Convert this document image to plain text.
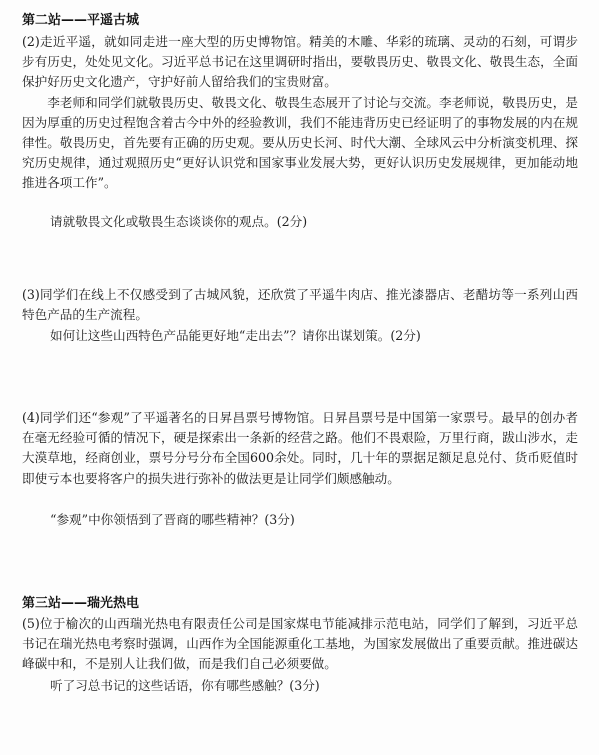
第二站——平遥古城

(2)走近平遥，就如同走进一座大型的历史博物馆。精美的木雕、华彩的琉璃、灵动的石刻，可谓步步有历史，处处见文化。习近平总书记在这里调研时指出，要敬畏历史、敬畏文化、敬畏生态，全面保护好历史文化遗产，守护好前人留给我们的宝贵财富。

李老师和同学们就敬畏历史、敬畏文化、敬畏生态展开了讨论与交流。李老师说，敬畏历史，是因为厚重的历史过程饱含着古今中外的经验教训，我们不能违背历史已经证明了的事物发展的内在规律性。敬畏历史，首先要有正确的历史观。要从历史长河、时代大潮、全球风云中分析演变机理、探究历史规律，通过观照历史“更好认识党和国家事业发展大势，更好认识历史发展规律，更加能动地推进各项工作”。

请就敬畏文化或敬畏生态谈谈你的观点。(2分)

(3)同学们在线上不仅感受到了古城风貌，还欣赏了平遥牛肉店、推光漆器店、老醋坊等一系列山西特色产品的生产流程。

如何让这些山西特色产品能更好地“走出去”？请你出谋划策。(2分)

(4)同学们还“参观”了平遥著名的日昇昌票号博物馆。日昇昌票号是中国第一家票号。最早的创办者在毫无经验可循的情况下，硬是探索出一条新的经营之路。他们不畏艰险，万里行商，跋山涉水，走大漠草地，经商创业，票号分号分布全国600余处。同时，几十年的票据足额足息兑付、货币贬值时即使亏本也要将客户的损失进行弥补的做法更是让同学们颇感触动。

“参观”中你领悟到了晋商的哪些精神？(3分)
第三站——瑞光热电

(5)位于榆次的山西瑞光热电有限责任公司是国家煤电节能减排示范电站，同学们了解到，习近平总书记在瑞光热电考察时强调，山西作为全国能源重化工基地，为国家发展做出了重要贡献。推进碳达峰碳中和，不是别人让我们做，而是我们自己必须要做。

听了习总书记的这些话语，你有哪些感触？(3分)
